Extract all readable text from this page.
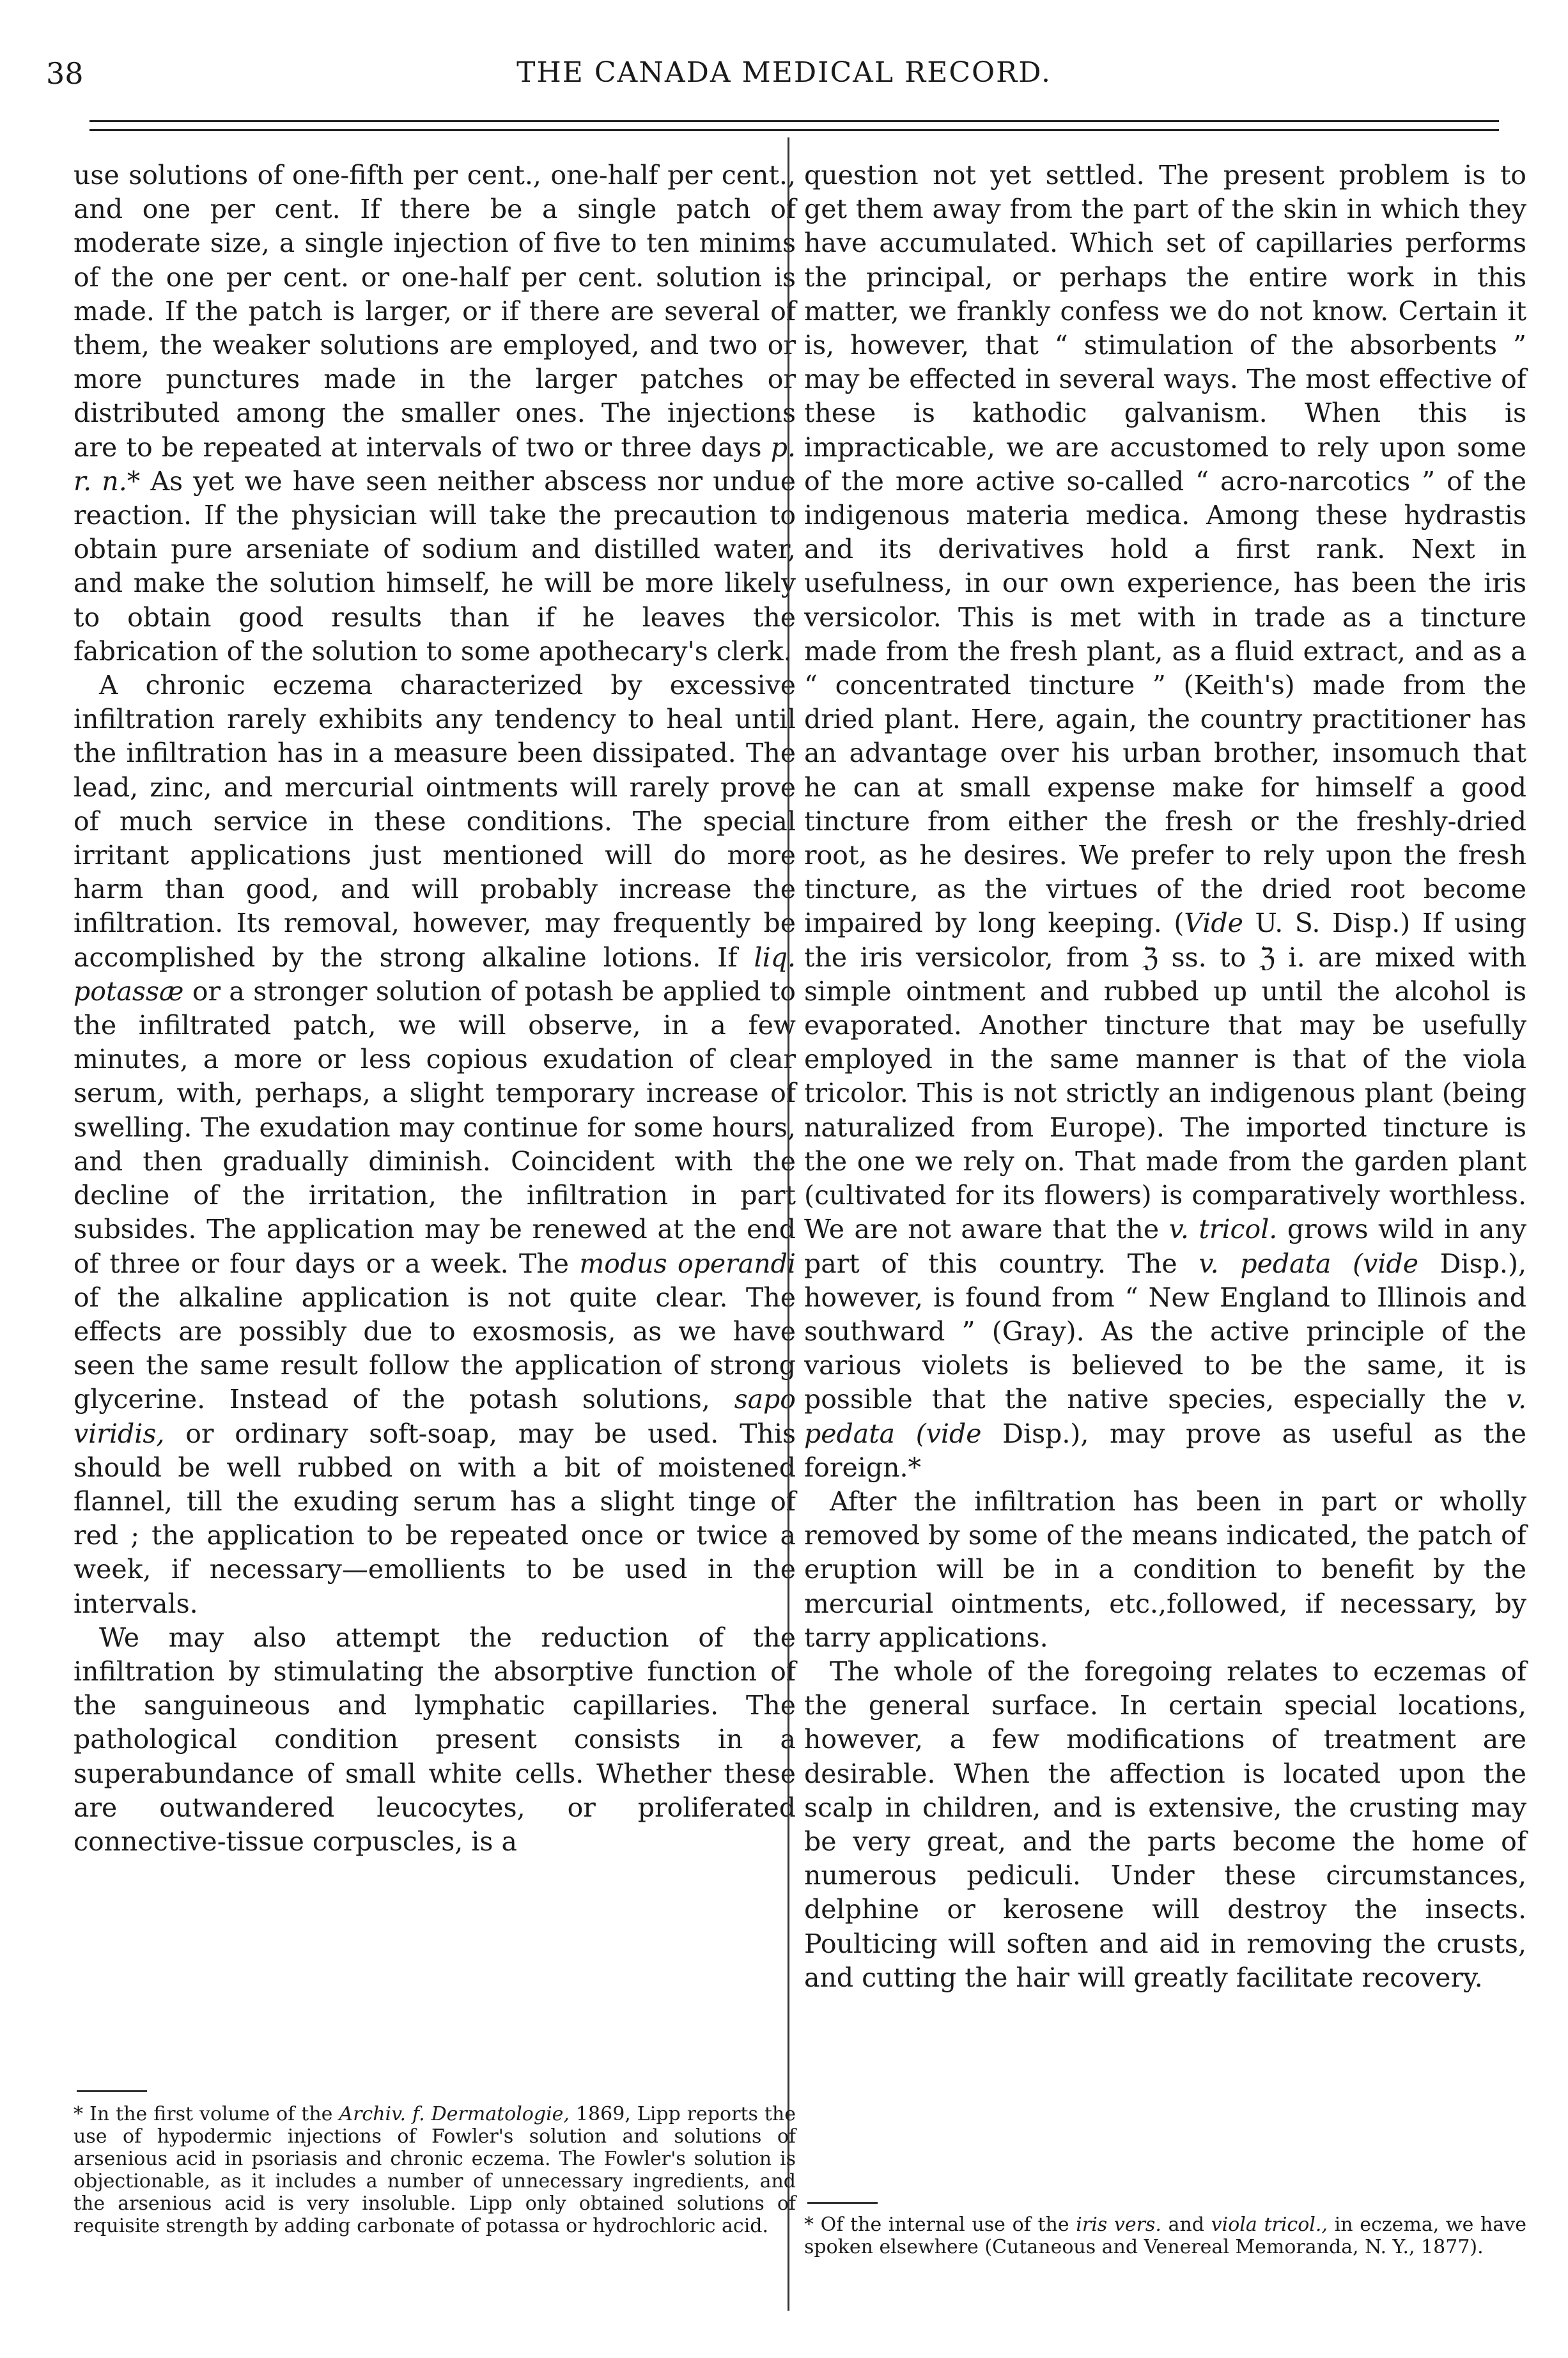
38	THE CANADA MEDICAL RECORD.

use solutions of one-fifth per cent., one-half per cent., and one per cent. If there be a single patch of moderate size, a single injection of five to ten minims of the one per cent. or one-half per cent. solution is made. If the patch is larger, or if there are several of them, the weaker solutions are employed, and two or more punctures made in the larger patches or distributed among the smaller ones. The injections are to be repeated at intervals of two or three days p. r. n.* As yet we have seen neither abscess nor undue reaction. If the physician will take the precaution to obtain pure arseniate of sodium and distilled water, and make the solution himself, he will be more likely to obtain good results than if he leaves the fabrication of the solution to some apothecary's clerk.

A chronic eczema characterized by excessive infiltration rarely exhibits any tendency to heal until the infiltration has in a measure been dissipated. The lead, zinc, and mercurial ointments will rarely prove of much service in these conditions. The special irritant applications just mentioned will do more harm than good, and will probably increase the infiltration. Its removal, however, may frequently be accomplished by the strong alkaline lotions. If liq. potassæ or a stronger solution of potash be applied to the infiltrated patch, we will observe, in a few minutes, a more or less copious exudation of clear serum, with, perhaps, a slight temporary increase of swelling. The exudation may continue for some hours, and then gradually diminish. Coincident with the decline of the irritation, the infiltration in part subsides. The application may be renewed at the end of three or four days or a week. The modus operandi of the alkaline application is not quite clear. The effects are possibly due to exosmosis, as we have seen the same result follow the application of strong glycerine. Instead of the potash solutions, sapo viridis, or ordinary soft-soap, may be used. This should be well rubbed on with a bit of moistened flannel, till the exuding serum has a slight tinge of red ; the application to be repeated once or twice a week, if necessary—emollients to be used in the intervals.

We may also attempt the reduction of the infiltration by stimulating the absorptive function of the sanguineous and lymphatic capillaries. The pathological condition present consists in a superabundance of small white cells. Whether these are outwandered leucocytes, or proliferated connective-tissue corpuscles, is a

question not yet settled. The present problem is to get them away from the part of the skin in which they have accumulated. Which set of capillaries performs the principal, or perhaps the entire work in this matter, we frankly confess we do not know. Certain it is, however, that “ stimulation of the absorbents ” may be effected in several ways. The most effective of these is kathodic galvanism. When this is impracticable, we are accustomed to rely upon some of the more active so-called “ acro-narcotics ” of the indigenous materia medica. Among these hydrastis and its derivatives hold a first rank. Next in usefulness, in our own experience, has been the iris versicolor. This is met with in trade as a tincture made from the fresh plant, as a fluid extract, and as a “ concentrated tincture ” (Keith's) made from the dried plant. Here, again, the country practitioner has an advantage over his urban brother, insomuch that he can at small expense make for himself a good tincture from either the fresh or the freshly-dried root, as he desires. We prefer to rely upon the fresh tincture, as the virtues of the dried root become impaired by long keeping. (Vide U. S. Disp.) If using the iris versicolor, from ℨ ss. to ℨ i. are mixed with simple ointment and rubbed up until the alcohol is evaporated. Another tincture that may be usefully employed in the same manner is that of the viola tricolor. This is not strictly an indigenous plant (being naturalized from Europe). The imported tincture is the one we rely on. That made from the garden plant (cultivated for its flowers) is comparatively worthless. We are not aware that the v. tricol. grows wild in any part of this country. The v. pedata (vide Disp.), however, is found from “ New England to Illinois and southward ” (Gray). As the active principle of the various violets is believed to be the same, it is possible that the native species, especially the v. pedata (vide Disp.), may prove as useful as the foreign.*

After the infiltration has been in part or wholly removed by some of the means indicated, the patch of eruption will be in a condition to benefit by the mercurial ointments, etc.,followed, if necessary, by tarry applications.

The whole of the foregoing relates to eczemas of the general surface. In certain special locations, however, a few modifications of treatment are desirable. When the affection is located upon the scalp in children, and is extensive, the crusting may be very great, and the parts become the home of numerous pediculi. Under these circumstances, delphine or kerosene will destroy the insects. Poulticing will soften and aid in removing the crusts, and cutting the hair will greatly facilitate recovery.

* In the first volume of the Archiv. f. Dermatologie, 1869, Lipp reports the use of hypodermic injections of Fowler's solution and solutions of arsenious acid in psoriasis and chronic eczema. The Fowler's solution is objectionable, as it includes a number of unnecessary ingredients, and the arsenious acid is very insoluble. Lipp only obtained solutions of requisite strength by adding carbonate of potassa or hydrochloric acid.	* Of the internal use of the iris vers. and viola tricol., in eczema, we have spoken elsewhere (Cutaneous and Venereal Memoranda, N. Y., 1877).
